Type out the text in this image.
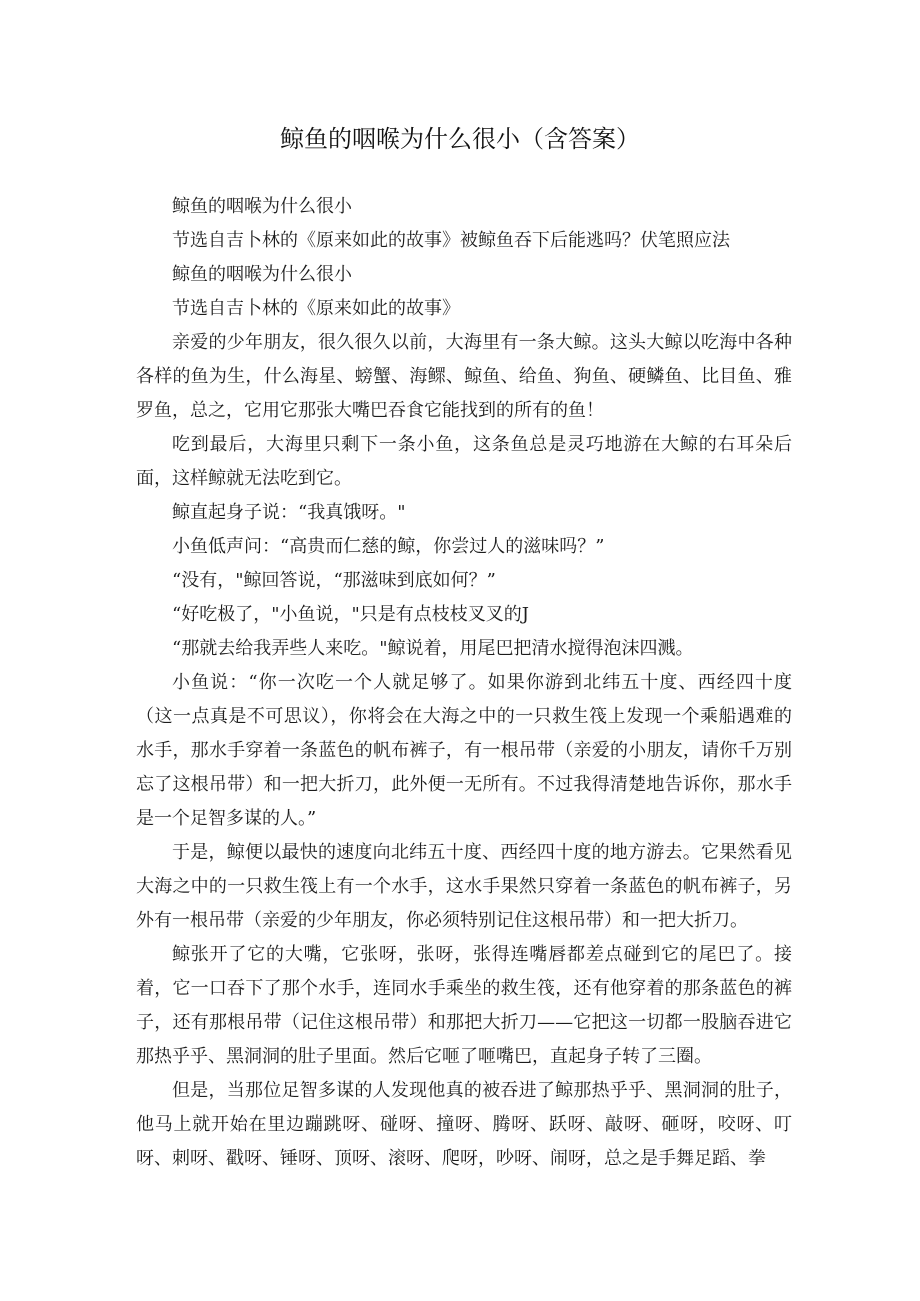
鲸鱼的咽喉为什么很小（含答案）

鲸鱼的咽喉为什么很小

节选自吉卜林的《原来如此的故事》被鲸鱼吞下后能逃吗？伏笔照应法

鲸鱼的咽喉为什么很小

节选自吉卜林的《原来如此的故事》

亲爱的少年朋友，很久很久以前，大海里有一条大鲸。这头大鲸以吃海中各种各样的鱼为生，什么海星、螃蟹、海鳏、鲸鱼、给鱼、狗鱼、硬鳞鱼、比目鱼、雅罗鱼，总之，它用它那张大嘴巴吞食它能找到的所有的鱼！

吃到最后，大海里只剩下一条小鱼，这条鱼总是灵巧地游在大鲸的右耳朵后面，这样鲸就无法吃到它。

鲸直起身子说：“我真饿呀。"

小鱼低声问：“高贵而仁慈的鲸，你尝过人的滋味吗？”

“没有，"鲸回答说，“那滋味到底如何？”

“好吃极了，"小鱼说，"只是有点枝枝叉叉的J

“那就去给我弄些人来吃。"鲸说着，用尾巴把清水搅得泡沫四溅。

小鱼说：“你一次吃一个人就足够了。如果你游到北纬五十度、西经四十度（这一点真是不可思议），你将会在大海之中的一只救生筏上发现一个乘船遇难的水手，那水手穿着一条蓝色的帆布裤子，有一根吊带（亲爱的小朋友，请你千万别忘了这根吊带）和一把大折刀，此外便一无所有。不过我得清楚地告诉你，那水手是一个足智多谋的人。”

于是，鲸便以最快的速度向北纬五十度、西经四十度的地方游去。它果然看见大海之中的一只救生筏上有一个水手，这水手果然只穿着一条蓝色的帆布裤子，另外有一根吊带（亲爱的少年朋友，你必须特别记住这根吊带）和一把大折刀。

鲸张开了它的大嘴，它张呀，张呀，张得连嘴唇都差点碰到它的尾巴了。接着，它一口吞下了那个水手，连同水手乘坐的救生筏，还有他穿着的那条蓝色的裤子，还有那根吊带（记住这根吊带）和那把大折刀——它把这一切都一股脑吞进它那热乎乎、黑洞洞的肚子里面。然后它咂了咂嘴巴，直起身子转了三圈。

但是，当那位足智多谋的人发现他真的被吞进了鲸那热乎乎、黑洞洞的肚子，他马上就开始在里边蹦跳呀、碰呀、撞呀、腾呀、跃呀、敲呀、砸呀，咬呀、叮呀、刺呀、戳呀、锤呀、顶呀、滚呀、爬呀，吵呀、闹呀，总之是手舞足蹈、拳
